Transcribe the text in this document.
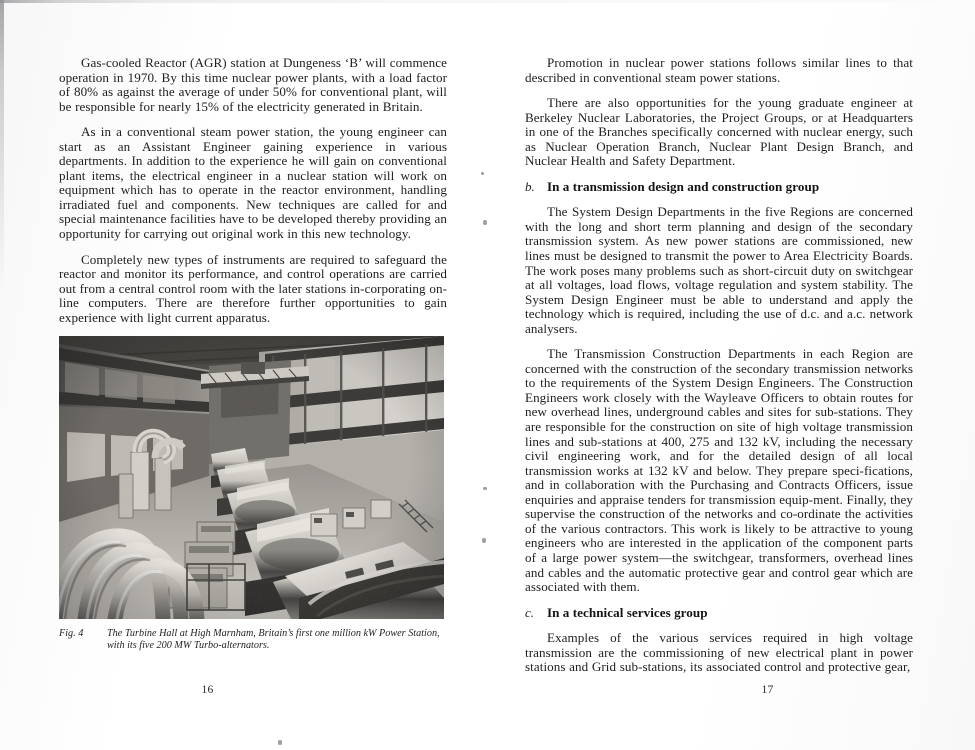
Gas-cooled Reactor (AGR) station at Dungeness ‘B’ will commence operation in 1970. By this time nuclear power plants, with a load factor of 80% as against the average of under 50% for conventional plant, will be responsible for nearly 15% of the electricity generated in Britain.

As in a conventional steam power station, the young engineer can start as an Assistant Engineer gaining experience in various departments. In addition to the experience he will gain on conventional plant items, the electrical engineer in a nuclear station will work on equipment which has to operate in the reactor environment, handling irradiated fuel and components. New techniques are called for and special maintenance facilities have to be developed thereby providing an opportunity for carrying out original work in this new technology.

Completely new types of instruments are required to safeguard the reactor and monitor its performance, and control operations are carried out from a central control room with the later stations in-corporating on-line computers. There are therefore further opportunities to gain experience with light current apparatus.

Fig. 4	The Turbine Hall at High Marnham, Britain’s first one million kW Power Station, with its five 200 MW Turbo-alternators.
16

Promotion in nuclear power stations follows similar lines to that described in conventional steam power stations.

There are also opportunities for the young graduate engineer at Berkeley Nuclear Laboratories, the Project Groups, or at Headquarters in one of the Branches specifically concerned with nuclear energy, such as Nuclear Operation Branch, Nuclear Plant Design Branch, and Nuclear Health and Safety Department.

b. In a transmission design and construction group

The System Design Departments in the five Regions are concerned with the long and short term planning and design of the secondary transmission system. As new power stations are commissioned, new lines must be designed to transmit the power to Area Electricity Boards. The work poses many problems such as short-circuit duty on switchgear at all voltages, load flows, voltage regulation and system stability. The System Design Engineer must be able to understand and apply the technology which is required, including the use of d.c. and a.c. network analysers.

The Transmission Construction Departments in each Region are concerned with the construction of the secondary transmission networks to the requirements of the System Design Engineers. The Construction Engineers work closely with the Wayleave Officers to obtain routes for new overhead lines, underground cables and sites for sub-stations. They are responsible for the construction on site of high voltage transmission lines and sub-stations at 400, 275 and 132 kV, including the necessary civil engineering work, and for the detailed design of all local transmission works at 132 kV and below. They prepare speci-fications, and in collaboration with the Purchasing and Contracts Officers, issue enquiries and appraise tenders for transmission equip-ment. Finally, they supervise the construction of the networks and co-ordinate the activities of the various contractors. This work is likely to be attractive to young engineers who are interested in the application of the component parts of a large power system—the switchgear, transformers, overhead lines and cables and the automatic protective gear and control gear which are associated with them.

c. In a technical services group

Examples of the various services required in high voltage transmission are the commissioning of new electrical plant in power stations and Grid sub-stations, its associated control and protective gear,

17
